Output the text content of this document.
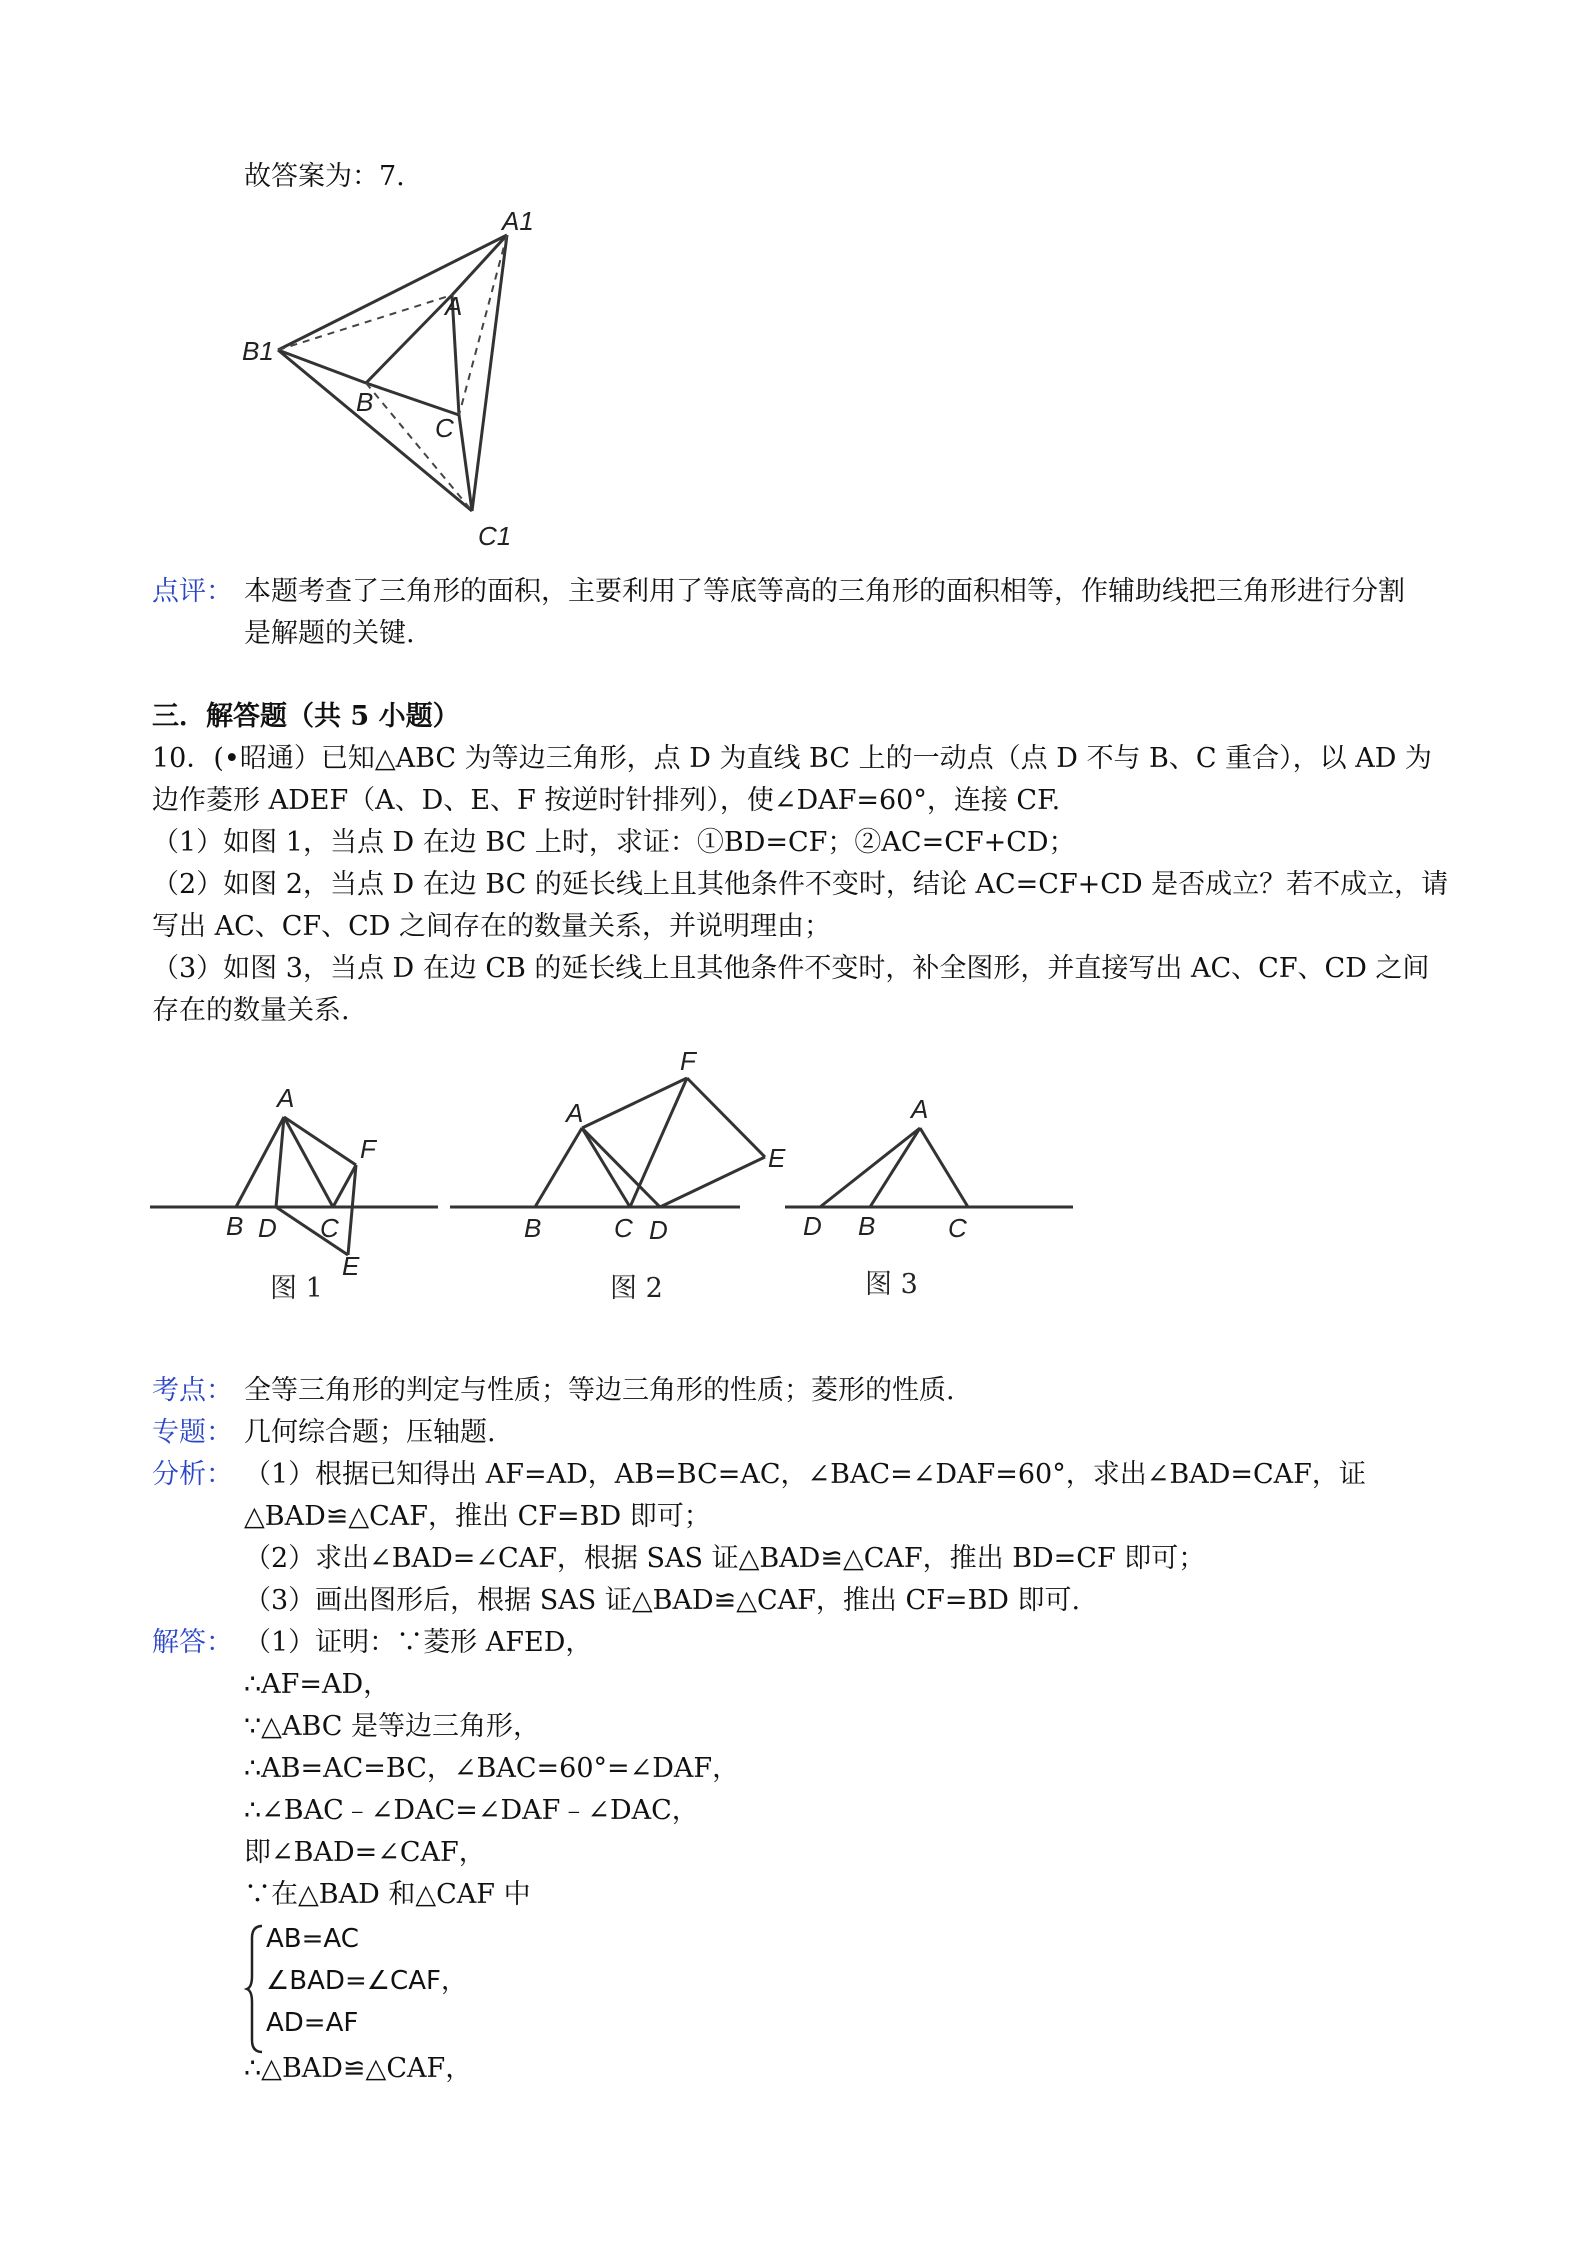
故答案为：7.
A1
A
B1
B
C
C1
点评： 本题考查了三角形的面积，主要利用了等底等高的三角形的面积相等，作辅助线把三角形进行分割
是解题的关键.
三．解答题（共 5 小题）
10．(•昭通）已知△ABC 为等边三角形，点 D 为直线 BC 上的一动点（点 D 不与 B、C 重合），以 AD 为
边作菱形 ADEF（A、D、E、F 按逆时针排列），使∠DAF=60°，连接 CF.
（1）如图 1，当点 D 在边 BC 上时，求证：①BD=CF；②AC=CF+CD；
（2）如图 2，当点 D 在边 BC 的延长线上且其他条件不变时，结论 AC=CF+CD 是否成立？若不成立，请
写出 AC、CF、CD 之间存在的数量关系，并说明理由；
（3）如图 3，当点 D 在边 CB 的延长线上且其他条件不变时，补全图形，并直接写出 AC、CF、CD 之间
存在的数量关系.
A
F
B D C
E
图 1
F
A
E
B	C D
图 2
A
D B	C
图 3
考点： 全等三角形的判定与性质；等边三角形的性质；菱形的性质.
专题： 几何综合题；压轴题.
分析： （1）根据已知得出 AF=AD，AB=BC=AC，∠BAC=∠DAF=60°，求出∠BAD=CAF，证
△BAD≌△CAF，推出 CF=BD 即可；
（2）求出∠BAD=∠CAF，根据 SAS 证△BAD≌△CAF，推出 BD=CF 即可；
（3）画出图形后，根据 SAS 证△BAD≌△CAF，推出 CF=BD 即可.
解答： （1）证明：∵菱形 AFED，
∴AF=AD，
∵△ABC 是等边三角形，
∴AB=AC=BC，∠BAC=60°=∠DAF，
∴∠BAC﹣∠DAC=∠DAF﹣∠DAC，
即∠BAD=∠CAF，
∵在△BAD 和△CAF 中
AB=AC
∠BAD=∠CAF，
AD=AF
∴△BAD≌△CAF，
